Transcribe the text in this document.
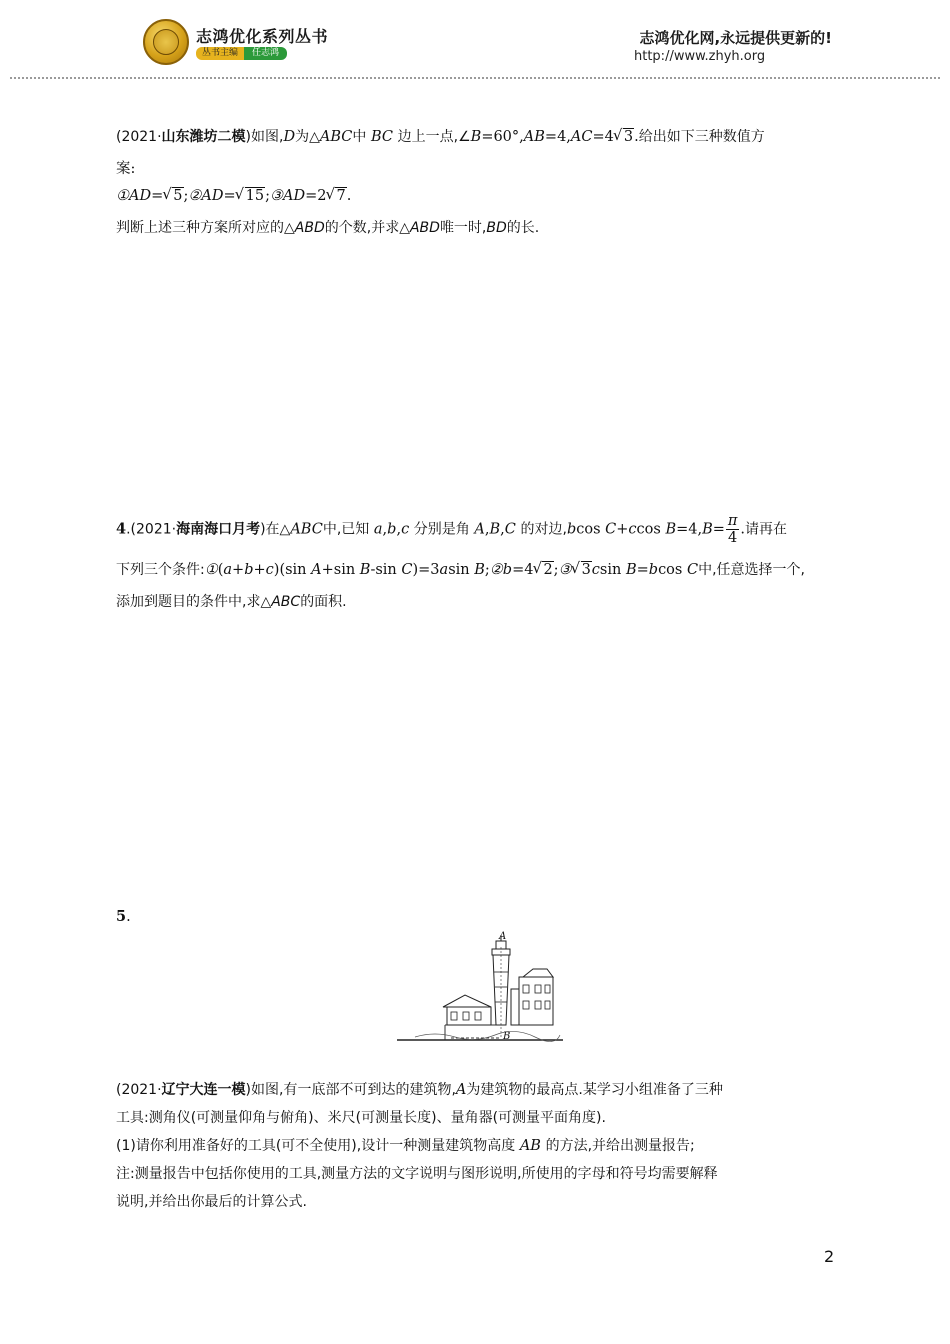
志鸿优化系列丛书
丛书主编 任志鸿
志鸿优化网,永远提供更新的!
http://www.zhyh.org
(2021·山东潍坊二模)如图,D为△ABC中 BC 边上一点,∠B=60°,AB=4,AC=4 √ 3.给出如下三种数值方
案:
①AD= √ 5;②AD= √ 15;③AD=2 √ 7.
判断上述三种方案所对应的△ABD的个数,并求△ABD唯一时,BD的长.
4.(2021·海南海口月考)在△ABC中,已知 a,b,c 分别是角 A,B,C 的对边,bcos C+ccos $B=4,B= \frac{\pi}{4}$ .请再在
下列三个条件:①(a+b+c)(sin A+sin B-sin C)=3asin B;②b=4 √ 2;③ √ 3csin B=bcos C中,任意选择一个,
添加到题目的条件中,求△ABC的面积.
5.
A
B
(2021·辽宁大连一模)如图,有一底部不可到达的建筑物,A为建筑物的最高点.某学习小组准备了三种
工具:测角仪(可测量仰角与俯角)、米尺(可测量长度)、量角器(可测量平面角度).
(1)请你利用准备好的工具(可不全使用),设计一种测量建筑物高度 AB 的方法,并给出测量报告;
注:测量报告中包括你使用的工具,测量方法的文字说明与图形说明,所使用的字母和符号均需要解释
说明,并给出你最后的计算公式.
2
